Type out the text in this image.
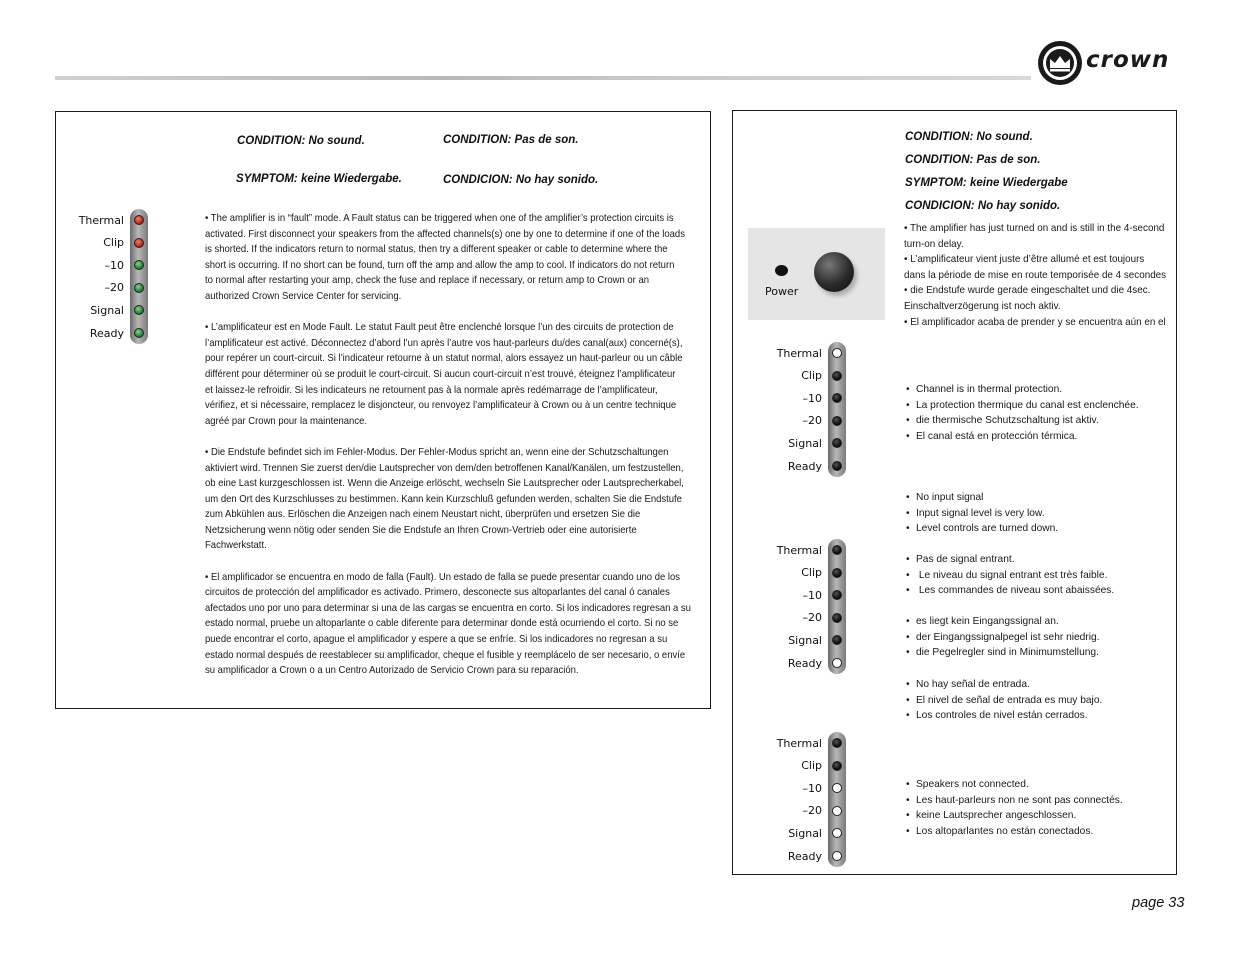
crown
CONDITION: No sound.	CONDITION: Pas de son.
SYMPTOM: keine Wiedergabe.	CONDICION: No hay sonido.
Thermal
Clip
–10
–20
Signal
Ready

• The amplifier is in “fault” mode. A Fault status can be triggered when one of the amplifier’s protection circuits is
activated. First disconnect your speakers from the affected channels(s) one by one to determine if one of the loads
is shorted. If the indicators return to normal status, then try a different speaker or cable to determine where the
short is occurring. If no short can be found, turn off the amp and allow the amp to cool. If indicators do not return
to normal after restarting your amp, check the fuse and replace if necessary, or return amp to Crown or an
authorized Crown Service Center for servicing.

• L’amplificateur est en Mode Fault. Le statut Fault peut être enclenché lorsque l’un des circuits de protection de
l’amplificateur est activé. Déconnectez d’abord l’un après l’autre vos haut-parleurs du/des canal(aux) concerné(s),
pour repérer un court-circuit. Si l’indicateur retourne à un statut normal, alors essayez un haut-parleur ou un câble
différent pour déterminer où se produit le court-circuit. Si aucun court-circuit n’est trouvé, éteignez l’amplificateur
et laissez-le refroidir. Si les indicateurs ne retournent pas à la normale après redémarrage de l’amplificateur,
vérifiez, et si nécessaire, remplacez le disjoncteur, ou renvoyez l’amplificateur à Crown ou à un centre technique
agréé par Crown pour la maintenance.

• Die Endstufe befindet sich im Fehler-Modus. Der Fehler-Modus spricht an, wenn eine der Schutzschaltungen
aktiviert wird. Trennen Sie zuerst den/die Lautsprecher von dem/den betroffenen Kanal/Kanälen, um festzustellen,
ob eine Last kurzgeschlossen ist. Wenn die Anzeige erlöscht, wechseln Sie Lautsprecher oder Lautsprecherkabel,
um den Ort des Kurzschlusses zu bestimmen. Kann kein Kurzschluß gefunden werden, schalten Sie die Endstufe
zum Abkühlen aus. Erlöschen die Anzeigen nach einem Neustart nicht, überprüfen und ersetzen Sie die
Netzsicherung wenn nötig oder senden Sie die Endstufe an Ihren Crown-Vertrieb oder eine autorisierte
Fachwerkstatt.

• El amplificador se encuentra en modo de falla (Fault). Un estado de falla se puede presentar cuando uno de los
circuitos de protección del amplificador es activado. Primero, desconecte sus altoparlantes del canal ó canales
afectados uno por uno para determinar si una de las cargas se encuentra en corto. Si los indicadores regresan a su
estado normal, pruebe un altoparlante o cable diferente para determinar donde está ocurriendo el corto. Si no se
puede encontrar el corto, apague el amplificador y espere a que se enfríe. Si los indicadores no regresan a su
estado normal después de reestablecer su amplificador, cheque el fusible y reemplácelo de ser necesario, o envíe
su amplificador a Crown o a un Centro Autorizado de Servicio Crown para su reparación.

CONDITION: No sound.
CONDITION: Pas de son.
SYMPTOM: keine Wiedergabe
CONDICION: No hay sonido.
Power
• The amplifier has just turned on and is still in the 4-second
turn-on delay.
• L’amplificateur vient juste d’être allumé et est toujours
dans la période de mise en route temporisée de 4 secondes
• die Endstufe wurde gerade eingeschaltet und die 4sec.
Einschaltverzögerung ist noch aktiv.
• El amplificador acaba de prender y se encuentra aún en el
Thermal
Clip
–10
–20
Signal
Ready
• Channel is in thermal protection.
• La protection thermique du canal est enclenchée.
• die thermische Schutzschaltung ist aktiv.
• El canal está en protección térmica.
Thermal
Clip
–10
–20
Signal
Ready
• No input signal
• Input signal level is very low.
• Level controls are turned down.
• Pas de signal entrant.
• Le niveau du signal entrant est très faible.
• Les commandes de niveau sont abaissées.
• es liegt kein Eingangssignal an.
• der Eingangssignalpegel ist sehr niedrig.
• die Pegelregler sind in Minimumstellung.
• No hay señal de entrada.
• El nivel de señal de entrada es muy bajo.
• Los controles de nivel están cerrados.
Thermal
Clip
–10
–20
Signal
Ready
• Speakers not connected.
• Les haut-parleurs non ne sont pas connectés.
• keine Lautsprecher angeschlossen.
• Los altoparlantes no están conectados.
page 33
